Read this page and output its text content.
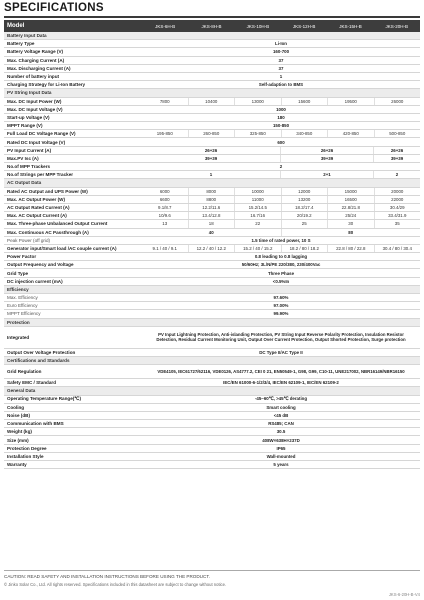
SPECIFICATIONS
Model	JKS-6H-B	JKS-8H-B	JKS-10H-B	JKS-12H-B	JKS-15H-B	JKS-20H-B
Battery Input Data
Battery Type	Li-Ion
Battery Voltage Range (V)	160-700
Max. Charging Current (A)	37
Max. Discharging Current (A)	37
Number of battery input	1
Charging Strategy for Li-Ion Battery	Self-adaption to BMS
PV String Input Data
Max. DC Input Power (W)	7800	10400	13000	15600	19500	26000
Max. DC Input Voltage (V)	1000
Start-up Voltage (V)	180
MPPT Range (V)	150-850
Full Load DC Voltage Range (V)	195-850	260-850	325-850	340-850	420-850	500-850
Rated DC Input Voltage (V)	600
PV Input Current (A)	26+26	26+26	26+26
Max.PV Isc (A)	39+39	39+39	39+39
No.of MPP Trackers	2
No.of Strings per MPP Tracker	1	2+1	2
AC Output Data
Rated AC Output and UPS Power (W)	6000	8000	10000	12000	15000	20000
Max. AC Output Power (W)	6600	8800	11000	13200	16500	22000
AC Output Rated Current (A)	9.1/8.7	12.2/11.6	15.2/14.5	18.2/17.4	22.8/21.8	30.4/29
Max. AC Output Current (A)	10/9.6	13.4/12.8	16.7/16	20/19.2	25/24	33.4/31.9
Max. Three-phase Unbalanced Output Current	13	18	22	25	30	35
Max. Continuous AC Passthrough (A)	40	80
Peak Power (off grid)	1.5 time of rated power, 10 S
Generator input/Smart load /AC couple current (A)	9.1 / 40 / 9.1	12.2 / 40 / 12.2	15.2 / 40 / 15.2	18.2 / 80 / 18.2	22.8 / 80 / 22.8	30.4 / 80 / 30.4
Power Factor	0.8 leading to 0.8 lagging
Output Frequency and Voltage	50/60Hz; 3L/N/PE 220/380, 230/400Vac
Grid Type	Three Phase
DC injection current (mA)	<0.5%In
Efficiency
Max. Efficiency	97.60%
Euro Efficiency	97.00%
MPPT Efficiency	99.90%
Protection
Integrated	PV Input Lightning Protection, Anti-islanding Protection, PV String Input Reverse Polarity Protection, Insulation Resistor Detection, Residual Current Monitoring Unit, Output Over Current Protection, Output Shorted Protection, Surge protection
Output Over Voltage Protection	DC Type II/AC Type II
Certifications and Standards
Grid Regulation	VDE4105, IEC61727/62116, VDE0126, AS4777.2, CEI 0 21, EN50549-1, G98, G99, C10-11, UNE217002, NBR16149/NBR16150
Safety EMC / Standard	IEC/EN 61000-6-1/2/3/4, IEC/EN 62109-1, IEC/EN 62109-2
General Data
Operating Temperature Range(℃)	-45~60℃, >45℃ derating
Cooling	Smart cooling
Noise (dB)	<45 dB
Communication with BMS	RS485; CAN
Weight (kg)	30.5
Size (mm)	408W×638H×237D
Protection Degree	IP65
Installation Style	Wall-mounted
Warranty	5 years
CAUTION: READ SAFETY AND INSTALLATION INSTRUCTIONS BEFORE USING THE PRODUCT.
© Jinko Solar Co., Ltd. All rights reserved. Specifications included in this datasheet are subject to change without notice.
JKS-6-20H-B-V4
